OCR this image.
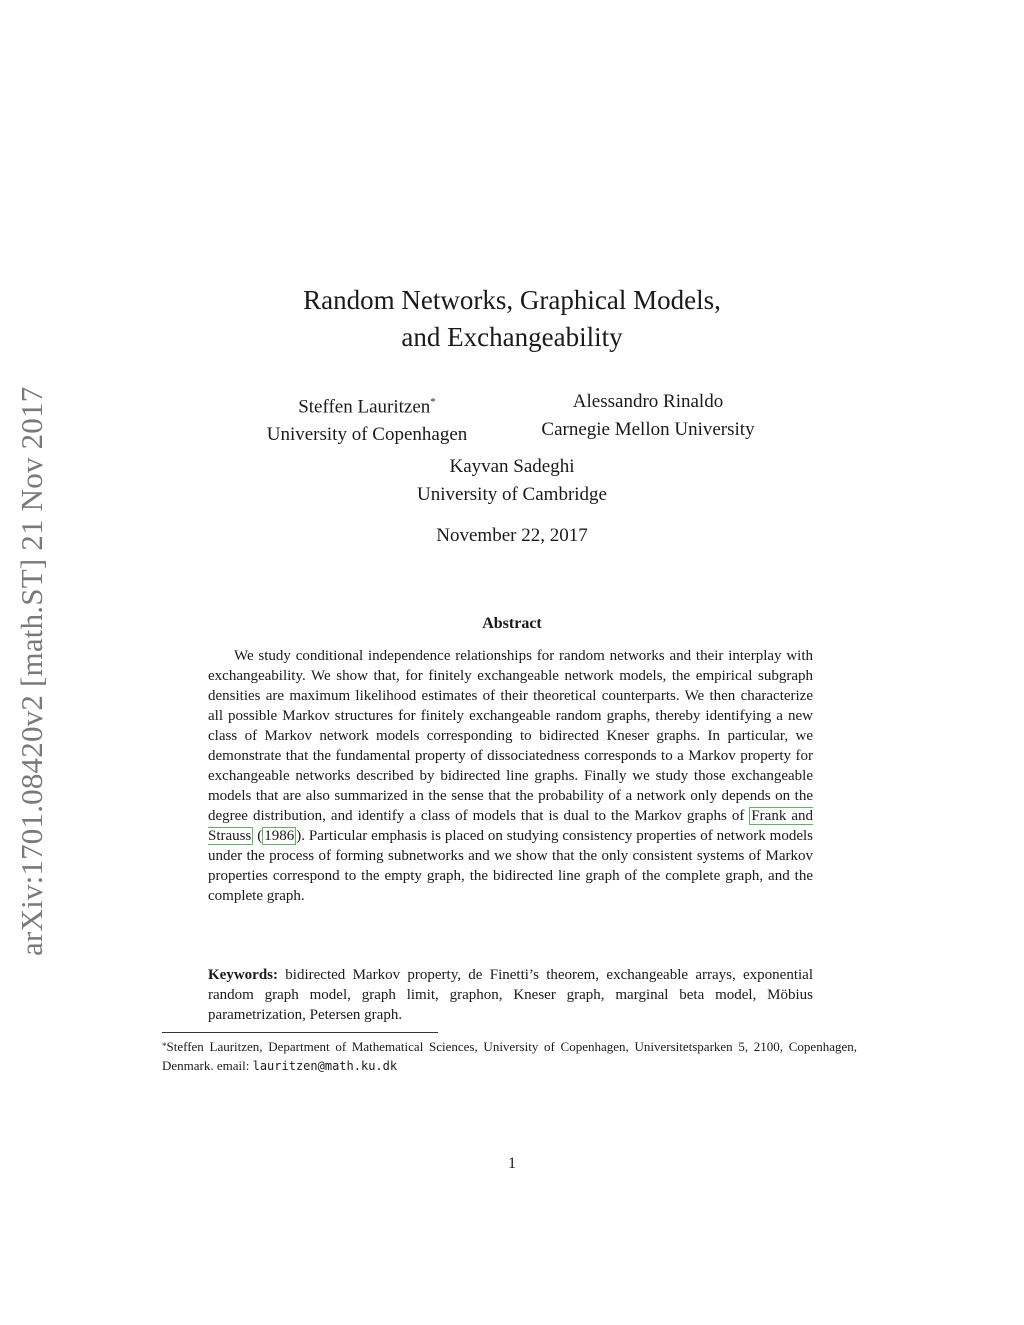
arXiv:1701.08420v2 [math.ST] 21 Nov 2017
Random Networks, Graphical Models,
and Exchangeability
Steffen Lauritzen*
University of Copenhagen
Alessandro Rinaldo
Carnegie Mellon University
Kayvan Sadeghi
University of Cambridge
November 22, 2017
Abstract
We study conditional independence relationships for random networks and their interplay with exchangeability. We show that, for finitely exchangeable network models, the empirical subgraph densities are maximum likelihood estimates of their theoretical counterparts. We then characterize all possible Markov structures for finitely exchangeable random graphs, thereby identifying a new class of Markov network models corresponding to bidirected Kneser graphs. In particular, we demonstrate that the fundamental property of dissociatedness corresponds to a Markov property for exchangeable networks described by bidirected line graphs. Finally we study those exchangeable models that are also summarized in the sense that the probability of a network only depends on the degree distribution, and identify a class of models that is dual to the Markov graphs of Frank and Strauss ( 1986 ). Particular emphasis is placed on studying consistency properties of network models under the process of forming subnetworks and we show that the only consistent systems of Markov properties correspond to the empty graph, the bidirected line graph of the complete graph, and the complete graph.
Keywords: bidirected Markov property, de Finetti’s theorem, exchangeable arrays, exponential random graph model, graph limit, graphon, Kneser graph, marginal beta model, Möbius parametrization, Petersen graph.
*Steffen Lauritzen, Department of Mathematical Sciences, University of Copenhagen, Universitetsparken 5, 2100, Copenhagen, Denmark. email: lauritzen@math.ku.dk
1
